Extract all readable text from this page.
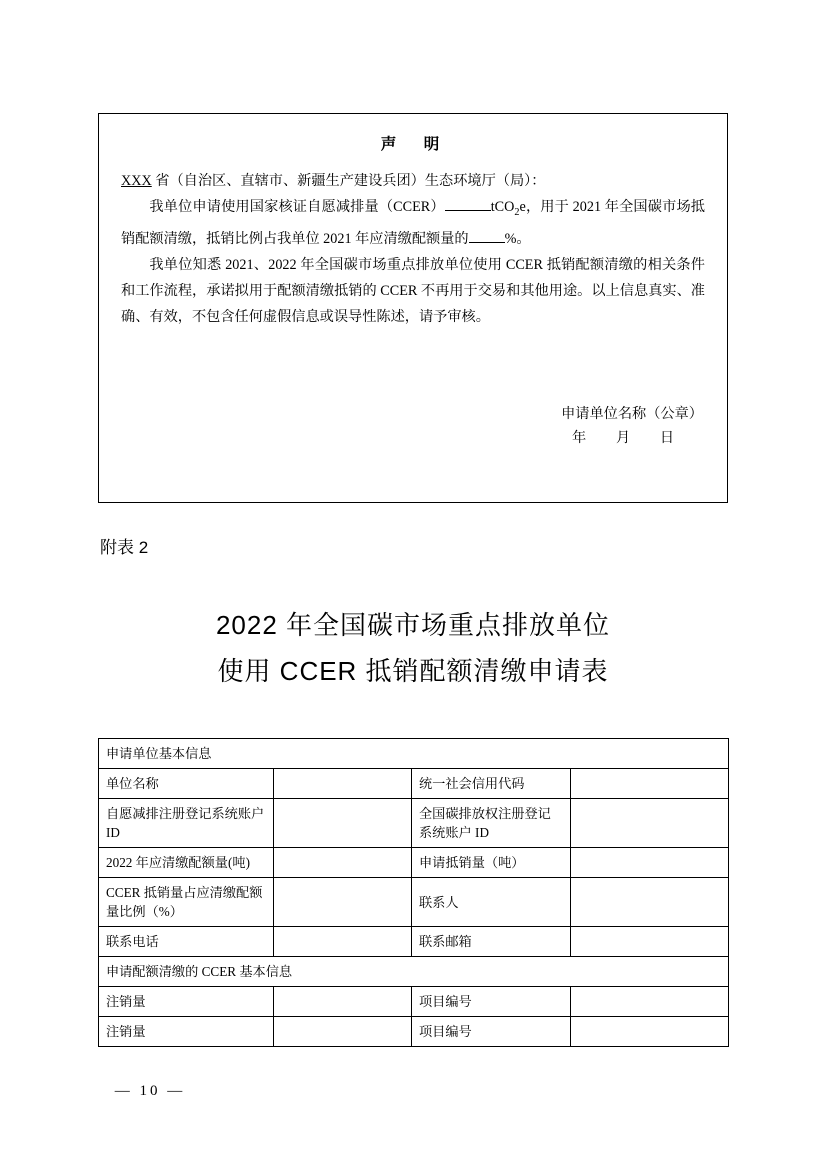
声　明

XXX 省（自治区、直辖市、新疆生产建设兵团）生态环境厅（局）：

我单位申请使用国家核证自愿减排量（CCER）	tCO$_2$e，用于 2021 年全国碳市场抵销配额清缴，抵销比例占我单位 2021 年应清缴配额量的	%。

我单位知悉 2021、2022 年全国碳市场重点排放单位使用 CCER 抵销配额清缴的相关条件和工作流程，承诺拟用于配额清缴抵销的 CCER 不再用于交易和其他用途。以上信息真实、准确、有效，不包含任何虚假信息或误导性陈述，请予审核。

申请单位名称（公章）
年　 月　 日
附表 2
2022 年全国碳市场重点排放单位
使用 CCER 抵销配额清缴申请表
申请单位基本信息			
单位名称		统一社会信用代码	
自愿减排注册登记系统账户 ID		全国碳排放权注册登记系统账户 ID	
2022 年应清缴配额量(吨)		申请抵销量（吨）	
CCER 抵销量占应清缴配额量比例（%）		联系人	
联系电话		联系邮箱	
申请配额清缴的 CCER 基本信息			
注销量		项目编号	
注销量		项目编号	
— 10 —
